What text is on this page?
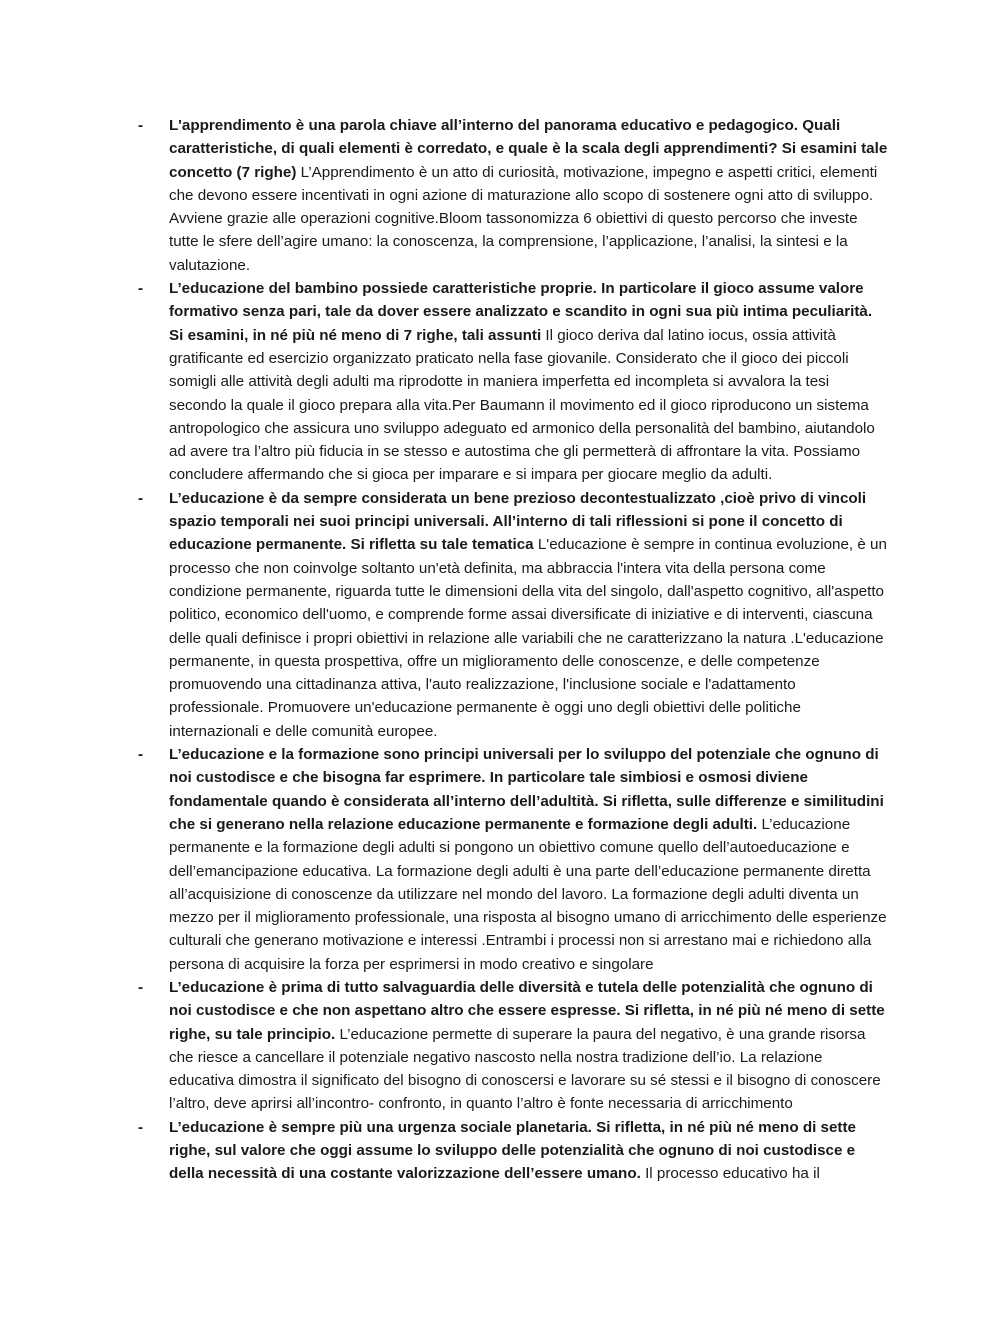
- L'apprendimento è una parola chiave all’interno del panorama educativo e pedagogico. Quali caratteristiche, di quali elementi è corredato, e quale è la scala degli apprendimenti? Si esamini tale concetto (7 righe) L’Apprendimento è un atto di curiosità, motivazione, impegno e aspetti critici, elementi che devono essere incentivati in ogni azione di maturazione allo scopo di sostenere ogni atto di sviluppo. Avviene grazie alle operazioni cognitive.Bloom tassonomizza 6 obiettivi di questo percorso che investe tutte le sfere dell’agire umano: la conoscenza, la comprensione, l’applicazione, l’analisi, la sintesi e la valutazione.
- L’educazione del bambino possiede caratteristiche proprie. In particolare il gioco assume valore formativo senza pari, tale da dover essere analizzato e scandito in ogni sua più intima peculiarità. Si esamini, in né più né meno di 7 righe, tali assunti Il gioco deriva dal latino iocus, ossia attività gratificante ed esercizio organizzato praticato nella fase giovanile. Considerato che il gioco dei piccoli somigli alle attività degli adulti ma riprodotte in maniera imperfetta ed incompleta si avvalora la tesi secondo la quale il gioco prepara alla vita.Per Baumann il movimento ed il gioco riproducono un sistema antropologico che assicura uno sviluppo adeguato ed armonico della personalità del bambino, aiutandolo ad avere tra l’altro più fiducia in se stesso e autostima che gli permetterà di affrontare la vita. Possiamo concludere affermando che si gioca per imparare e si impara per giocare meglio da adulti.
- L’educazione è da sempre considerata un bene prezioso decontestualizzato ,cioè privo di vincoli spazio temporali nei suoi principi universali. All’interno di tali riflessioni si pone il concetto di educazione permanente. Si rifletta su tale tematica L'educazione è sempre in continua evoluzione, è un processo che non coinvolge soltanto un'età definita, ma abbraccia l'intera vita della persona come condizione permanente, riguarda tutte le dimensioni della vita del singolo, dall'aspetto cognitivo, all'aspetto politico, economico dell'uomo, e comprende forme assai diversificate di iniziative e di interventi, ciascuna delle quali definisce i propri obiettivi in relazione alle variabili che ne caratterizzano la natura .L'educazione permanente, in questa prospettiva, offre un miglioramento delle conoscenze, e delle competenze promuovendo una cittadinanza attiva, l'auto realizzazione, l'inclusione sociale e l'adattamento professionale. Promuovere un'educazione permanente è oggi uno degli obiettivi delle politiche internazionali e delle comunità europee.
- L’educazione e la formazione sono principi universali per lo sviluppo del potenziale che ognuno di noi custodisce e che bisogna far esprimere. In particolare tale simbiosi e osmosi diviene fondamentale quando è considerata all’interno dell’adultità. Si rifletta, sulle differenze e similitudini che si generano nella relazione educazione permanente e formazione degli adulti. L’educazione permanente e la formazione degli adulti si pongono un obiettivo comune quello dell’autoeducazione e dell’emancipazione educativa. La formazione degli adulti è una parte dell’educazione permanente diretta all’acquisizione di conoscenze da utilizzare nel mondo del lavoro. La formazione degli adulti diventa un mezzo per il miglioramento professionale, una risposta al bisogno umano di arricchimento delle esperienze culturali che generano motivazione e interessi .Entrambi i processi non si arrestano mai e richiedono alla persona di acquisire la forza per esprimersi in modo creativo e singolare
- L’educazione è prima di tutto salvaguardia delle diversità e tutela delle potenzialità che ognuno di noi custodisce e che non aspettano altro che essere espresse. Si rifletta, in né più né meno di sette righe, su tale principio. L’educazione permette di superare la paura del negativo, è una grande risorsa che riesce a cancellare il potenziale negativo nascosto nella nostra tradizione dell’io. La relazione educativa dimostra il significato del bisogno di conoscersi e lavorare su sé stessi e il bisogno di conoscere l’altro, deve aprirsi all’incontro- confronto, in quanto l’altro è fonte necessaria di arricchimento
- L’educazione è sempre più una urgenza sociale planetaria. Si rifletta, in né più né meno di sette righe, sul valore che oggi assume lo sviluppo delle potenzialità che ognuno di noi custodisce e della necessità di una costante valorizzazione dell’essere umano. Il processo educativo ha il
